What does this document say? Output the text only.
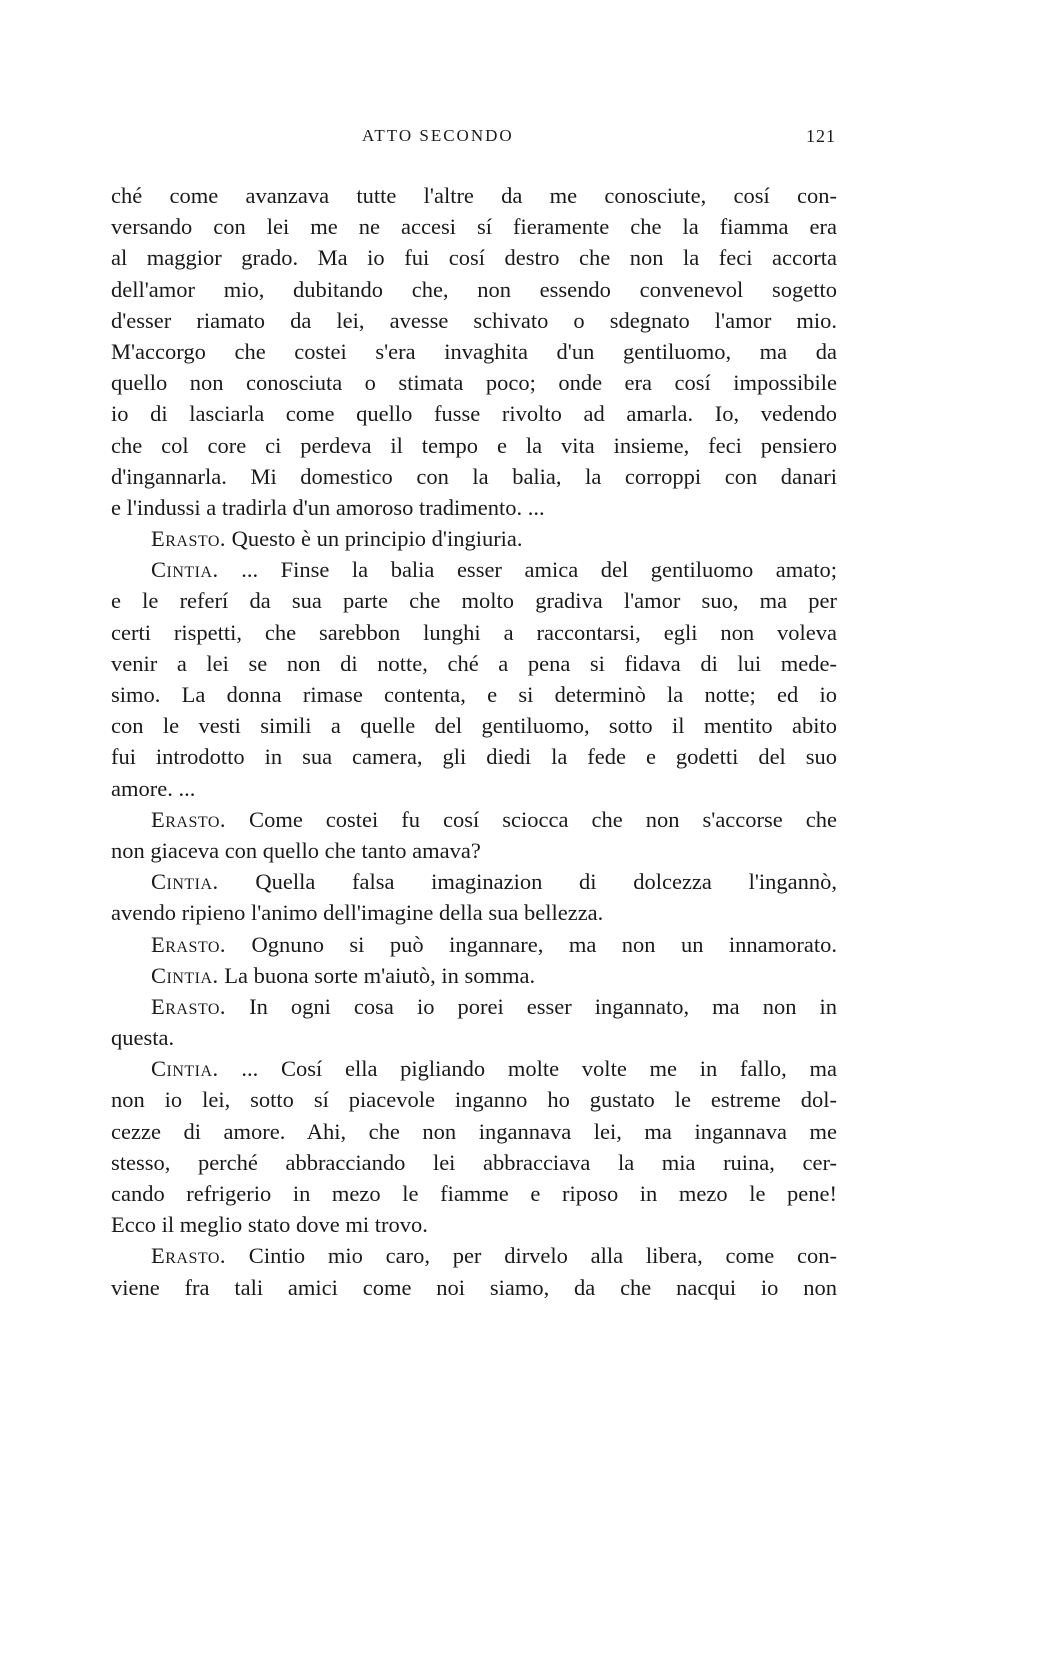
ATTO SECONDO	121
ché come avanzava tutte l'altre da me conosciute, cosí con-
versando con lei me ne accesi sí fieramente che la fiamma era
al maggior grado. Ma io fui cosí destro che non la feci accorta
dell'amor mio, dubitando che, non essendo convenevol sogetto
d'esser riamato da lei, avesse schivato o sdegnato l'amor mio.
M'accorgo che costei s'era invaghita d'un gentiluomo, ma da
quello non conosciuta o stimata poco; onde era cosí impossibile
io di lasciarla come quello fusse rivolto ad amarla. Io, vedendo
che col core ci perdeva il tempo e la vita insieme, feci pensiero
d'ingannarla. Mi domestico con la balia, la corroppi con danari
e l'indussi a tradirla d'un amoroso tradimento. ...
Erasto. Questo è un principio d'ingiuria.
Cintia. ... Finse la balia esser amica del gentiluomo amato;
e le referí da sua parte che molto gradiva l'amor suo, ma per
certi rispetti, che sarebbon lunghi a raccontarsi, egli non voleva
venir a lei se non di notte, ché a pena si fidava di lui mede-
simo. La donna rimase contenta, e si determinò la notte; ed io
con le vesti simili a quelle del gentiluomo, sotto il mentito abito
fui introdotto in sua camera, gli diedi la fede e godetti del suo
amore. ...
Erasto. Come costei fu cosí sciocca che non s'accorse che
non giaceva con quello che tanto amava?
Cintia. Quella falsa imaginazion di dolcezza l'ingannò,
avendo ripieno l'animo dell'imagine della sua bellezza.
Erasto. Ognuno si può ingannare, ma non un innamorato.
Cintia. La buona sorte m'aiutò, in somma.
Erasto. In ogni cosa io porei esser ingannato, ma non in
questa.
Cintia. ... Cosí ella pigliando molte volte me in fallo, ma
non io lei, sotto sí piacevole inganno ho gustato le estreme dol-
cezze di amore. Ahi, che non ingannava lei, ma ingannava me
stesso, perché abbracciando lei abbracciava la mia ruina, cer-
cando refrigerio in mezo le fiamme e riposo in mezo le pene!
Ecco il meglio stato dove mi trovo.
Erasto. Cintio mio caro, per dirvelo alla libera, come con-
viene fra tali amici come noi siamo, da che nacqui io non
